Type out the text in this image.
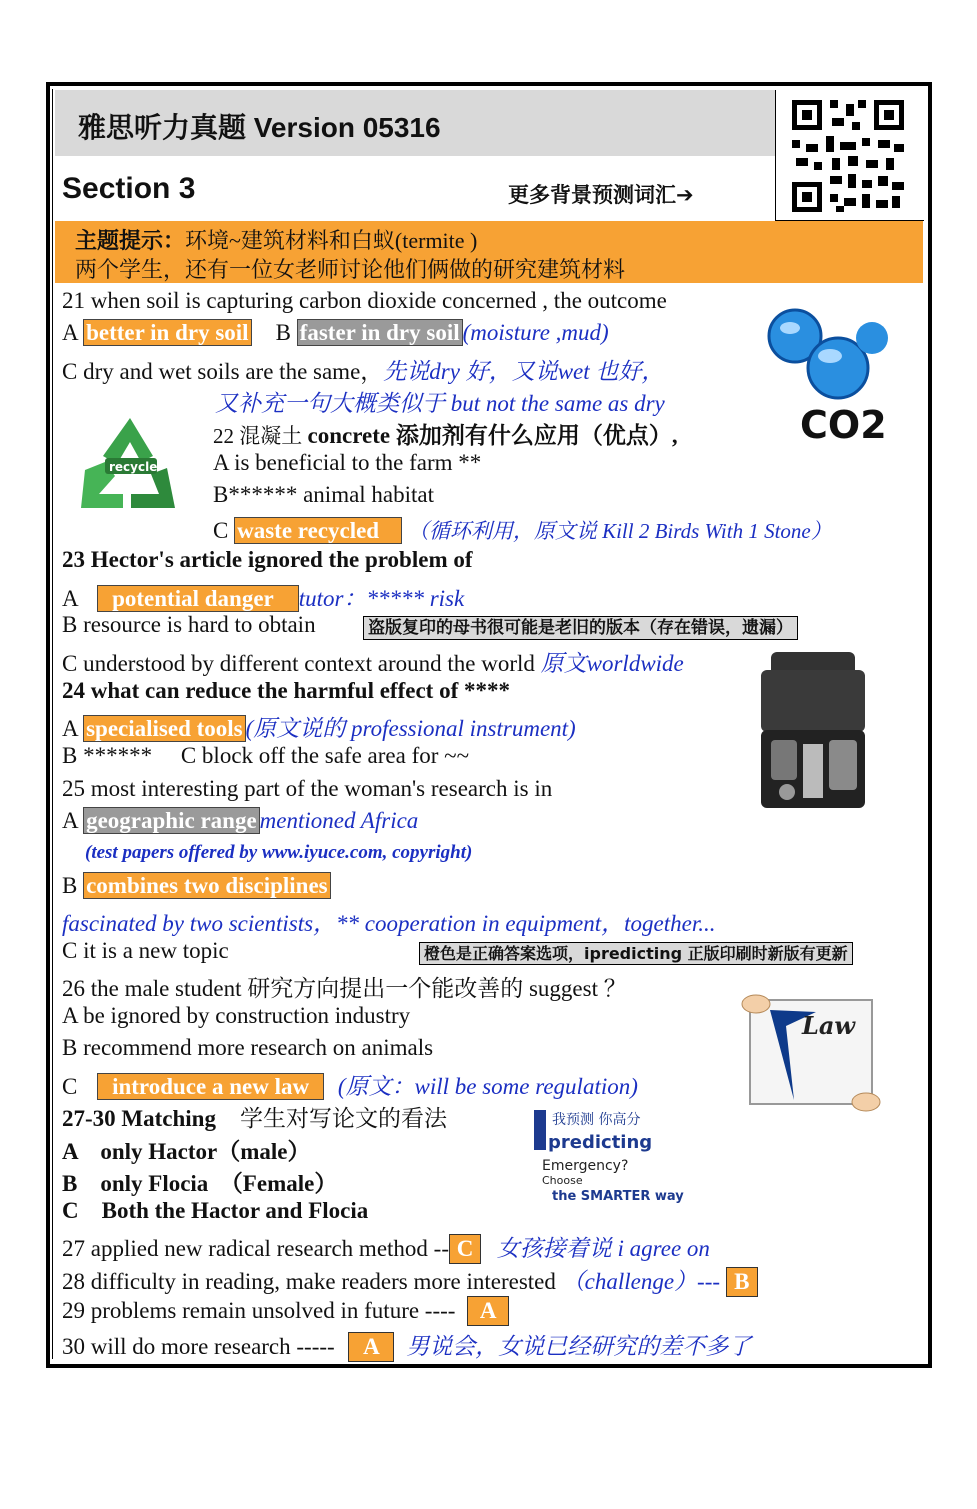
雅思听力真题 Version 05316
Section 3	更多背景预测词汇➔
主题提示：环境~建筑材料和白蚁(termite )
两个学生，还有一位女老师讨论他们俩做的研究建筑材料
21 when soil is capturing carbon dioxide concerned , the outcome
A better in dry soil B faster in dry soil (moisture ,mud)
C dry and wet soils are the same，先说dry 好，又说wet 也好，
又补充一句大概类似于 but not the same as dry	CO2
recycle
22 混凝土 concrete 添加剂有什么应用（优点）,
A is beneficial to the farm **
B****** animal habitat
C waste recycled （循环利用，原文说 Kill 2 Birds With 1 Stone）
23 Hector's article ignored the problem of
A potential danger tutor：***** risk
B resource is hard to obtain	盗版复印的母书很可能是老旧的版本（存在错误，遗漏）
C understood by different context around the world 原文worldwide
24 what can reduce the harmful effect of ****
A specialised tools (原文说的 professional instrument)
B ******     C block off the safe area for ~~
25 most interesting part of the woman's research is in
A geographic range mentioned Africa
(test papers offered by www.iyuce.com, copyright)
B combines two disciplines
fascinated by two scientists，** cooperation in equipment，together...
C it is a new topic	橙色是正确答案选项，ipredicting 正版印刷时新版有更新
26 the male student 研究方向提出一个能改善的 suggest ？
A be ignored by construction industry
B recommend more research on animals
C introduce a new law (原文：will be some regulation)
Law
27-30 Matching 学生对写论文的看法
A    only Hactor（male）
B    only Flocia  （Female）
C    Both the Hactor and Flocia
我预测 你高分
predicting
Emergency?
Choose
the SMARTER way
27 applied new radical research method -- C 女孩接着说 i agree on
28 difficulty in reading, make readers more interested （challenge）--- B
29 problems remain unsolved in future ---- A
30 will do more research ----- A 男说会，女说已经研究的差不多了
